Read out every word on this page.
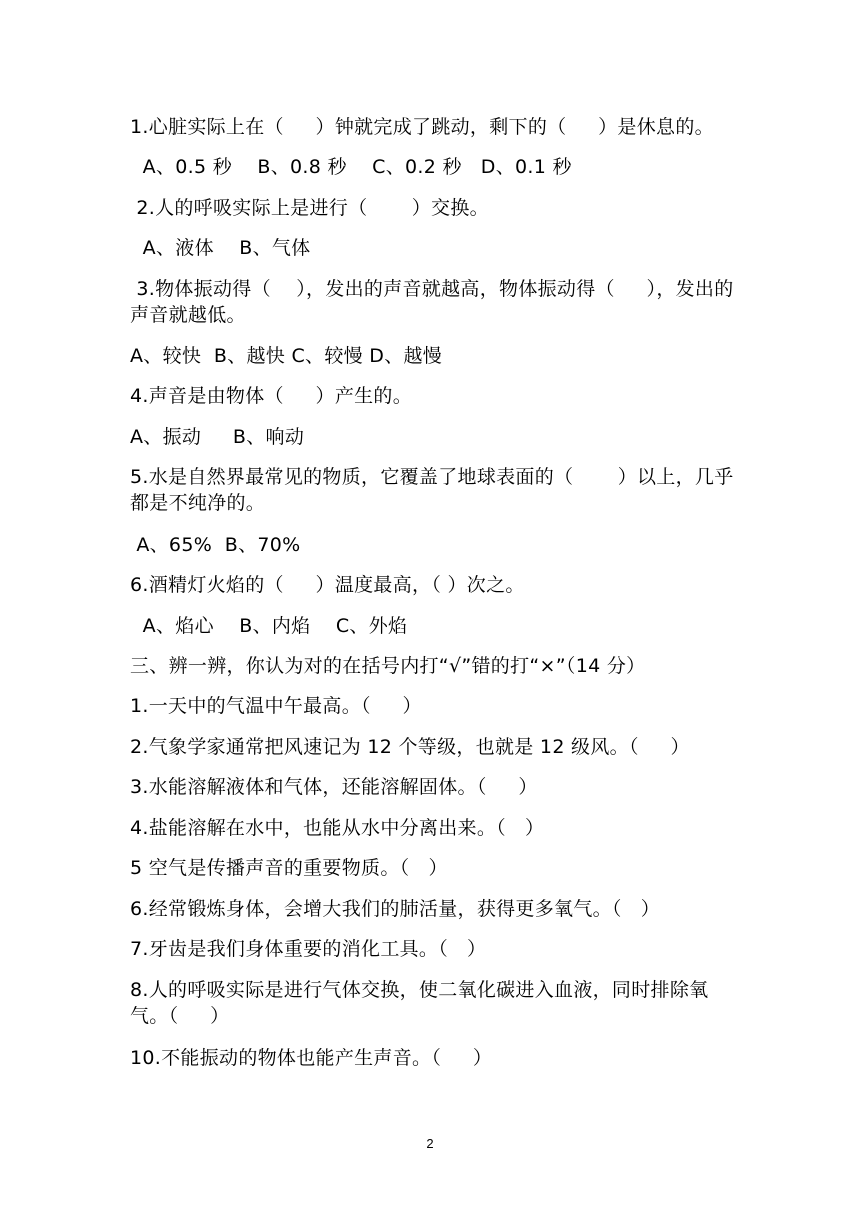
1.心脏实际上在（     ）钟就完成了跳动，剩下的（     ）是休息的。
A、0.5 秒    B、0.8 秒    C、0.2 秒   D、0.1 秒
2.人的呼吸实际上是进行（       ）交换。
A、液体    B、气体
3.物体振动得（    ），发出的声音就越高，物体振动得（     ），发出的声音就越低。
A、较快  B、越快 C、较慢 D、越慢
4.声音是由物体（     ）产生的。
A、振动     B、响动
5.水是自然界最常见的物质，它覆盖了地球表面的（       ）以上，几乎都是不纯净的。
A、65%  B、70%
6.酒精灯火焰的（     ）温度最高，（ ）次之。
A、焰心    B、内焰    C、外焰
三、辨一辨，你认为对的在括号内打“√”错的打“×”（14 分）
1.一天中的气温中午最高。（     ）
2.气象学家通常把风速记为 12 个等级，也就是 12 级风。（     ）
3.水能溶解液体和气体，还能溶解固体。（     ）
4.盐能溶解在水中，也能从水中分离出来。（   ）
5 空气是传播声音的重要物质。（   ）
6.经常锻炼身体，会增大我们的肺活量，获得更多氧气。（   ）
7.牙齿是我们身体重要的消化工具。（   ）
8.人的呼吸实际是进行气体交换，使二氧化碳进入血液，同时排除氧气。（     ）
10.不能振动的物体也能产生声音。（     ）
2
